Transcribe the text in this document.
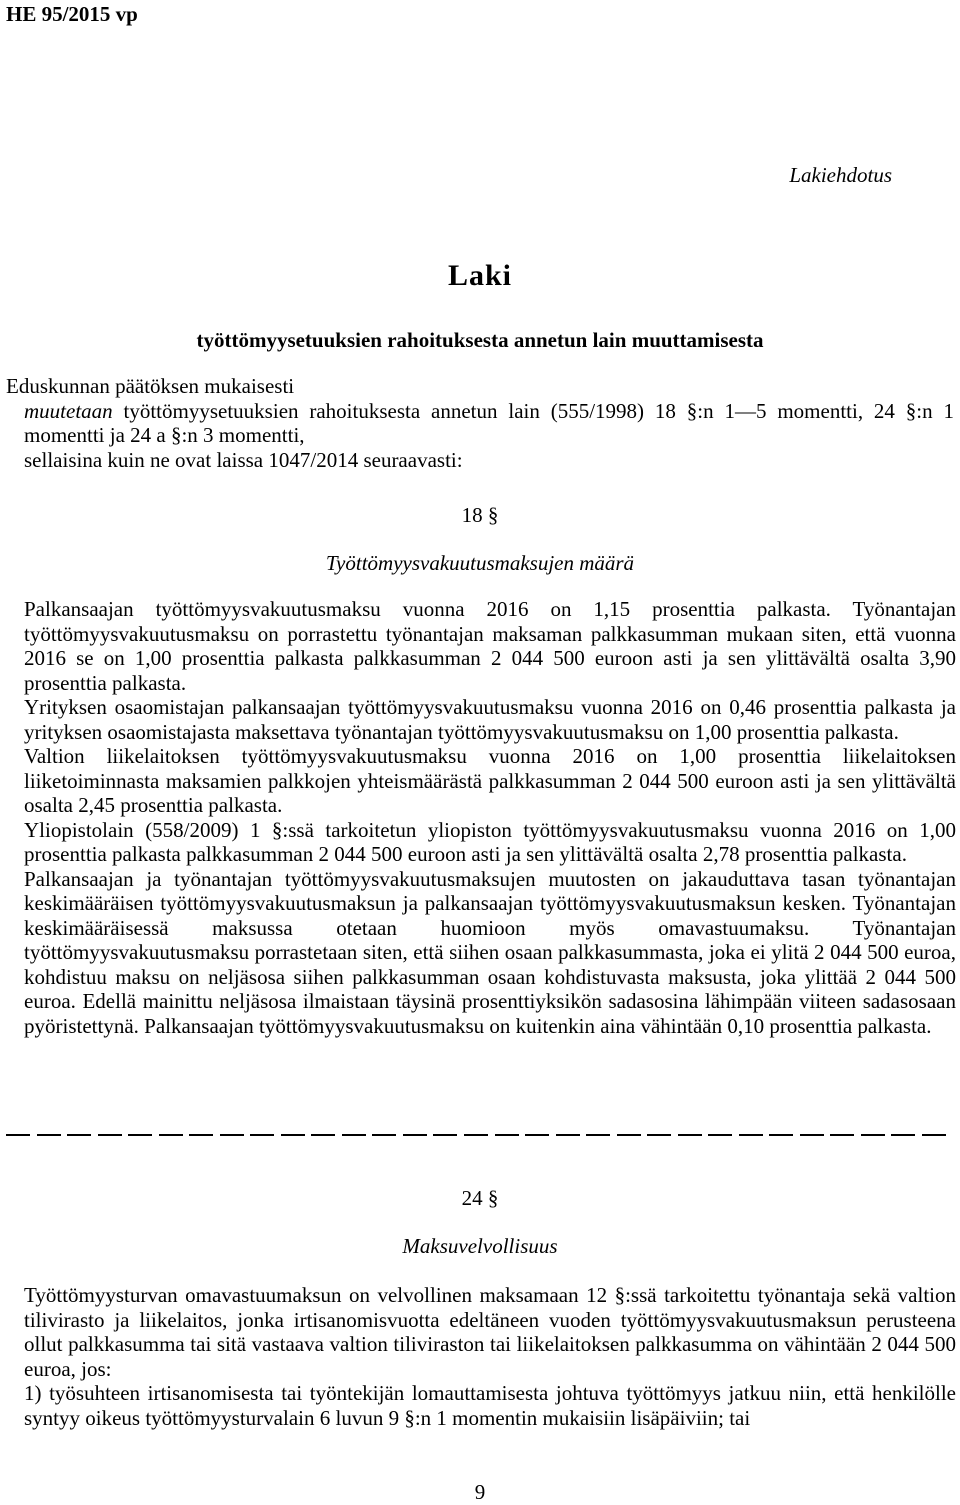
HE 95/2015 vp
Lakiehdotus
Laki
työttömyysetuuksien rahoituksesta annetun lain muuttamisesta

Eduskunnan päätöksen mukaisesti

muutetaan työttömyysetuuksien rahoituksesta annetun lain (555/1998) 18 §:n 1—5 momentti, 24 §:n 1 momentti ja 24 a §:n 3 momentti,

sellaisina kuin ne ovat laissa 1047/2014 seuraavasti:

18 §
Työttömyysvakuutusmaksujen määrä

Palkansaajan työttömyysvakuutusmaksu vuonna 2016 on 1,15 prosenttia palkasta. Työnantajan työttömyysvakuutusmaksu on porrastettu työnantajan maksaman palkkasumman mukaan siten, että vuonna 2016 se on 1,00 prosenttia palkasta palkkasumman 2 044 500 euroon asti ja sen ylittävältä osalta 3,90 prosenttia palkasta.

Yrityksen osaomistajan palkansaajan työttömyysvakuutusmaksu vuonna 2016 on 0,46 prosenttia palkasta ja yrityksen osaomistajasta maksettava työnantajan työttömyysvakuutusmaksu on 1,00 prosenttia palkasta.

Valtion liikelaitoksen työttömyysvakuutusmaksu vuonna 2016 on 1,00 prosenttia liikelaitoksen liiketoiminnasta maksamien palkkojen yhteismäärästä palkkasumman 2 044 500 euroon asti ja sen ylittävältä osalta 2,45 prosenttia palkasta.

Yliopistolain (558/2009) 1 §:ssä tarkoitetun yliopiston työttömyysvakuutusmaksu vuonna 2016 on 1,00 prosenttia palkasta palkkasumman 2 044 500 euroon asti ja sen ylittävältä osalta 2,78 prosenttia palkasta.

Palkansaajan ja työnantajan työttömyysvakuutusmaksujen muutosten on jakauduttava tasan työnantajan keskimääräisen työttömyysvakuutusmaksun ja palkansaajan työttömyysvakuutusmaksun kesken. Työnantajan keskimääräisessä maksussa otetaan huomioon myös omavastuumaksu. Työnantajan työttömyysvakuutusmaksu porrastetaan siten, että siihen osaan palkkasummasta, joka ei ylitä 2 044 500 euroa, kohdistuu maksu on neljäsosa siihen palkkasumman osaan kohdistuvasta maksusta, joka ylittää 2 044 500 euroa. Edellä mainittu neljäsosa ilmaistaan täysinä prosenttiyksikön sadasosina lähimpään viiteen sadasosaan pyöristettynä. Palkansaajan työttömyysvakuutusmaksu on kuitenkin aina vähintään 0,10 prosenttia palkasta.

24 §
Maksuvelvollisuus

Työttömyysturvan omavastuumaksun on velvollinen maksamaan 12 §:ssä tarkoitettu työnantaja sekä valtion tilivirasto ja liikelaitos, jonka irtisanomisvuotta edeltäneen vuoden työttömyysvakuutusmaksun perusteena ollut palkkasumma tai sitä vastaava valtion tiliviraston tai liikelaitoksen palkkasumma on vähintään 2 044 500 euroa, jos:

1) työsuhteen irtisanomisesta tai työntekijän lomauttamisesta johtuva työttömyys jatkuu niin, että henkilölle syntyy oikeus työttömyysturvalain 6 luvun 9 §:n 1 momentin mukaisiin lisäpäiviin; tai

9
